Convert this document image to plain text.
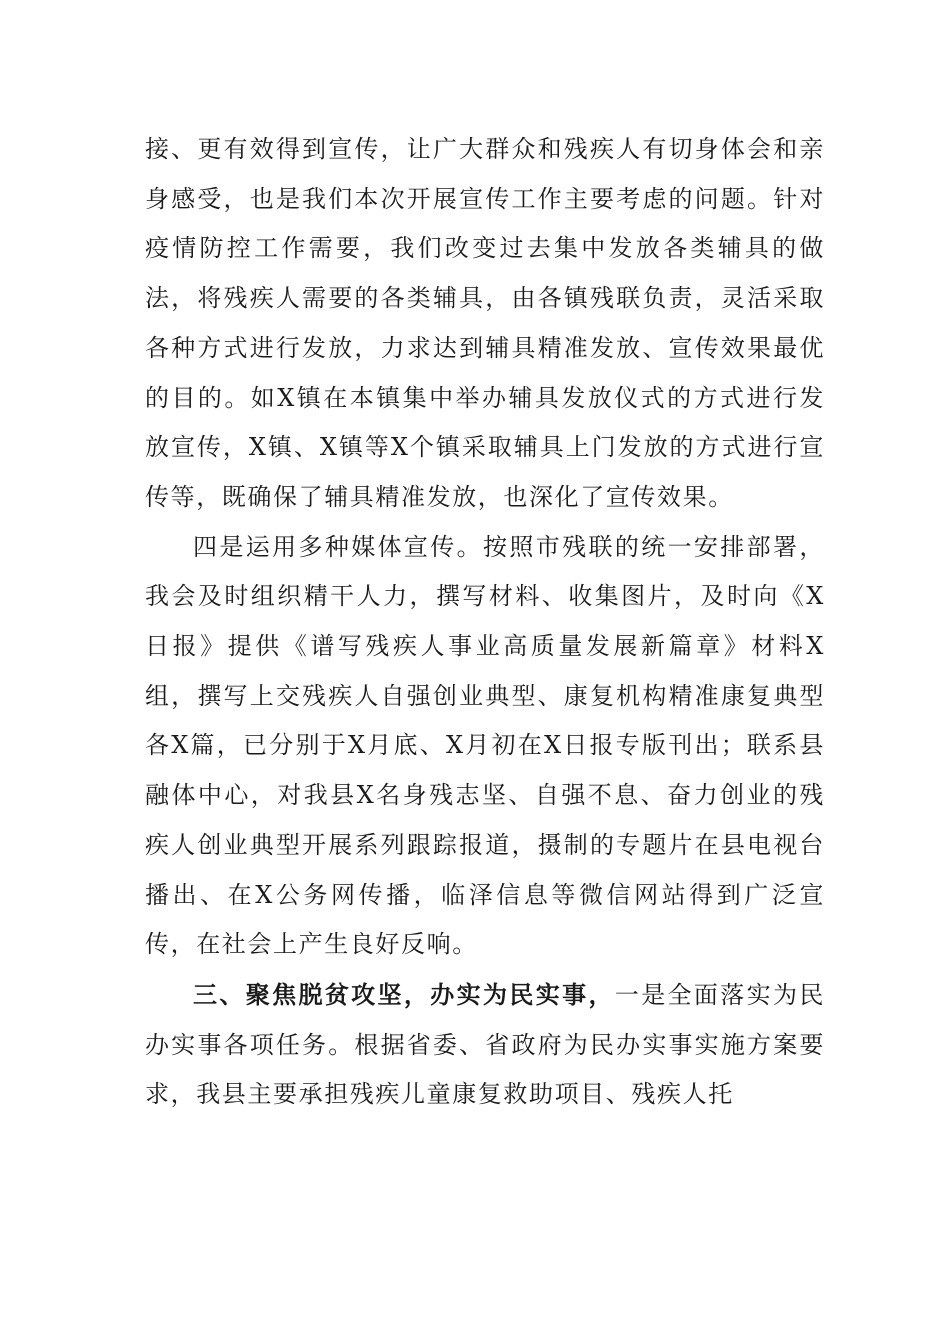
接、更有效得到宣传，让广大群众和残疾人有切身体会和亲身感受，也是我们本次开展宣传工作主要考虑的问题。针对疫情防控工作需要，我们改变过去集中发放各类辅具的做法，将残疾人需要的各类辅具，由各镇残联负责，灵活采取各种方式进行发放，力求达到辅具精准发放、宣传效果最优的目的。如X镇在本镇集中举办辅具发放仪式的方式进行发放宣传，X镇、X镇等X个镇采取辅具上门发放的方式进行宣传等，既确保了辅具精准发放，也深化了宣传效果。

四是运用多种媒体宣传。按照市残联的统一安排部署，我会及时组织精干人力，撰写材料、收集图片，及时向《X日报》提供《谱写残疾人事业高质量发展新篇章》材料X组，撰写上交残疾人自强创业典型、康复机构精准康复典型各X篇，已分别于X月底、X月初在X日报专版刊出；联系县融体中心，对我县X名身残志坚、自强不息、奋力创业的残疾人创业典型开展系列跟踪报道，摄制的专题片在县电视台播出、在X公务网传播，临泽信息等微信网站得到广泛宣传，在社会上产生良好反响。

三、聚焦脱贫攻坚，办实为民实事，一是全面落实为民办实事各项任务。根据省委、省政府为民办实事实施方案要求，我县主要承担残疾儿童康复救助项目、残疾人托
